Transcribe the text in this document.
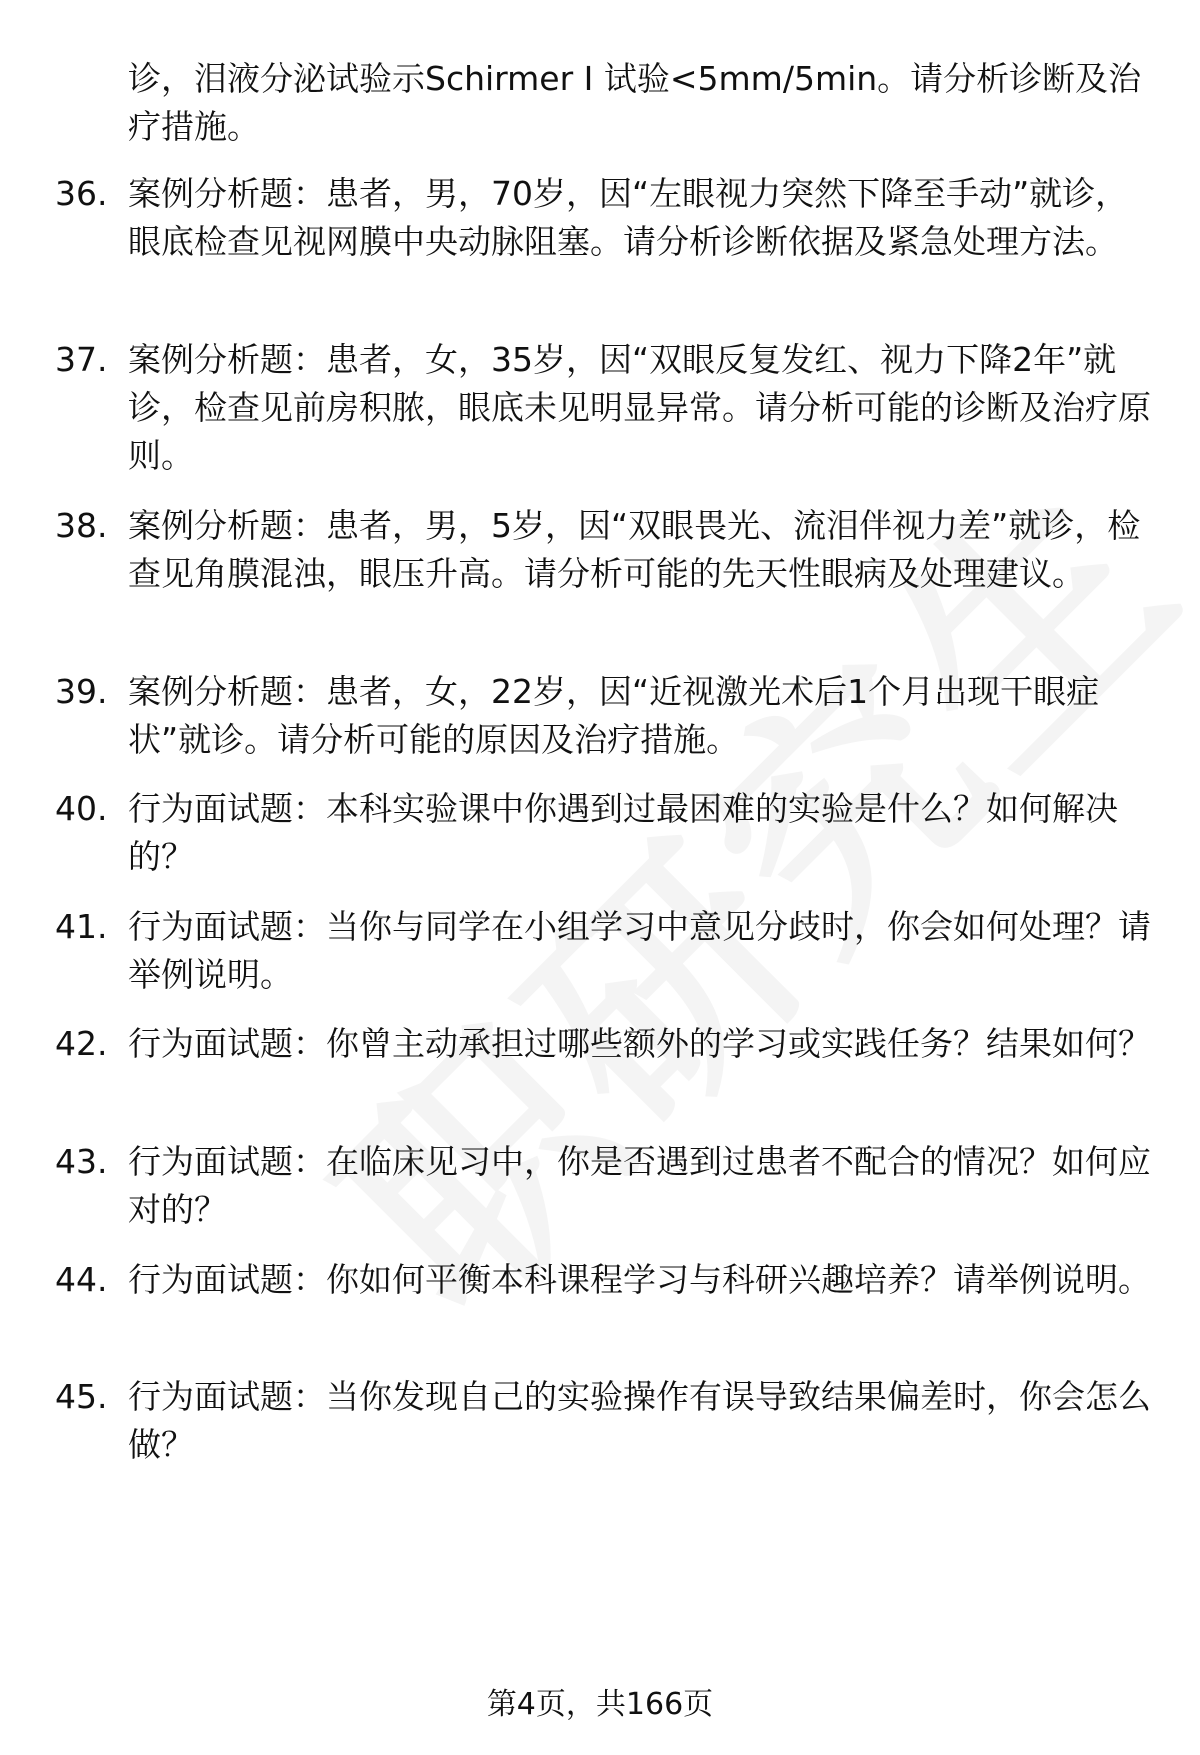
诊，泪液分泌试验示Schirmer Ⅰ 试验<5mm/5min。请分析诊断及治疗措施。
36. 案例分析题：患者，男，70岁，因“左眼视力突然下降至手动”就诊，眼底检查见视网膜中央动脉阻塞。请分析诊断依据及紧急处理方法。
37. 案例分析题：患者，女，35岁，因“双眼反复发红、视力下降2年”就诊，检查见前房积脓，眼底未见明显异常。请分析可能的诊断及治疗原则。
38. 案例分析题：患者，男，5岁，因“双眼畏光、流泪伴视力差”就诊，检查见角膜混浊，眼压升高。请分析可能的先天性眼病及处理建议。
39. 案例分析题：患者，女，22岁，因“近视激光术后1个月出现干眼症状”就诊。请分析可能的原因及治疗措施。
40. 行为面试题：本科实验课中你遇到过最困难的实验是什么？如何解决的？
41. 行为面试题：当你与同学在小组学习中意见分歧时，你会如何处理？请举例说明。
42. 行为面试题：你曾主动承担过哪些额外的学习或实践任务？结果如何？
43. 行为面试题：在临床见习中，你是否遇到过患者不配合的情况？如何应对的？
44. 行为面试题：你如何平衡本科课程学习与科研兴趣培养？请举例说明。
45. 行为面试题：当你发现自己的实验操作有误导致结果偏差时，你会怎么做？
第4页，共166页
